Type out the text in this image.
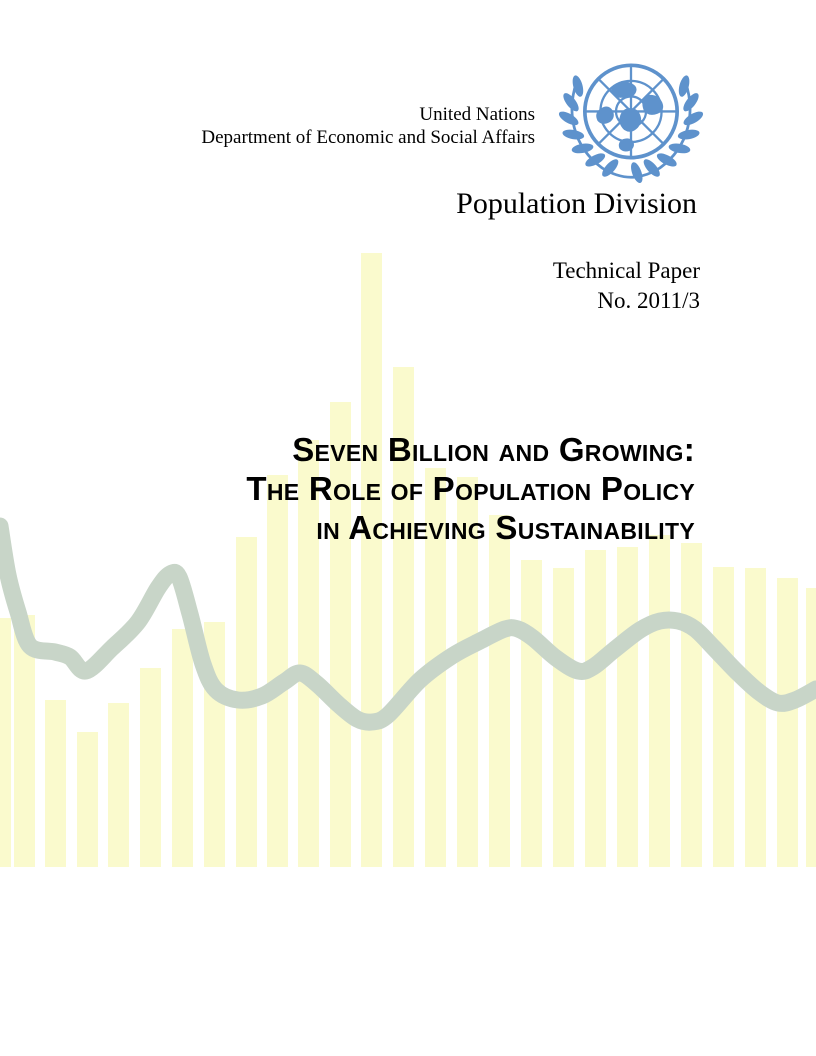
United Nations
Department of Economic and Social Affairs
Population Division
Technical Paper
No. 2011/3
Seven Billion and Growing:
The Role of Population Policy
in Achieving Sustainability
